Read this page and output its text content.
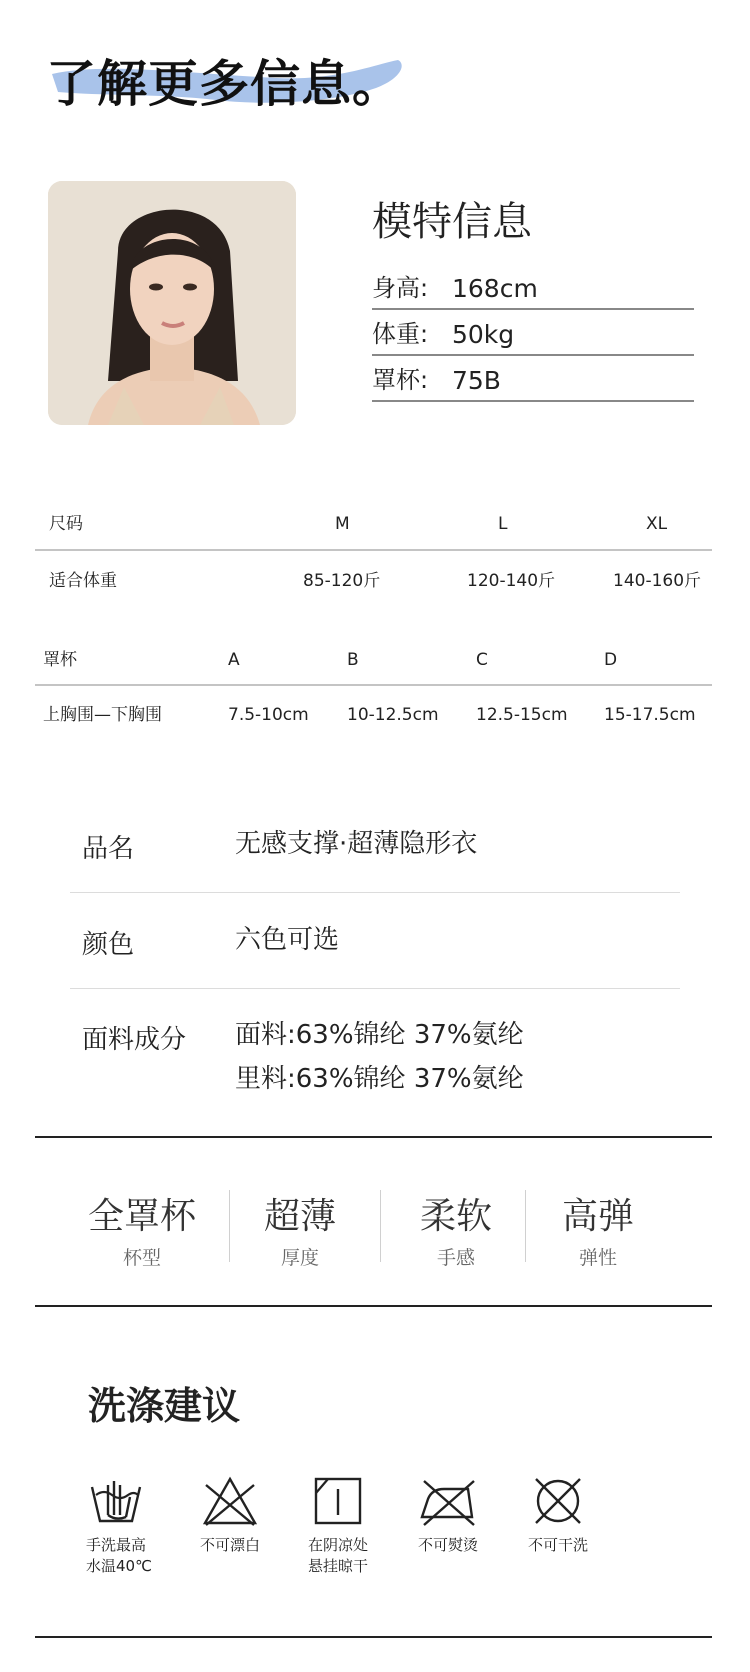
了解更多信息。
模特信息
身高: 168cm
体重: 50kg
罩杯: 75B
尺码	M	L	XL
适合体重	85-120斤	120-140斤	140-160斤
罩杯	A	B	C	D
上胸围—下胸围	7.5-10cm 10-12.5cm 12.5-15cm 15-17.5cm
品名	无感支撑·超薄隐形衣
颜色	六色可选
面料成分 面料:63%锦纶 37%氨纶
里料:63%锦纶 37%氨纶
全罩杯
杯型
超薄
厚度
柔软
手感
高弹
弹性
洗涤建议
手洗最高
水温40℃
不可漂白	在阴凉处
悬挂晾干
不可熨烫	不可干洗
